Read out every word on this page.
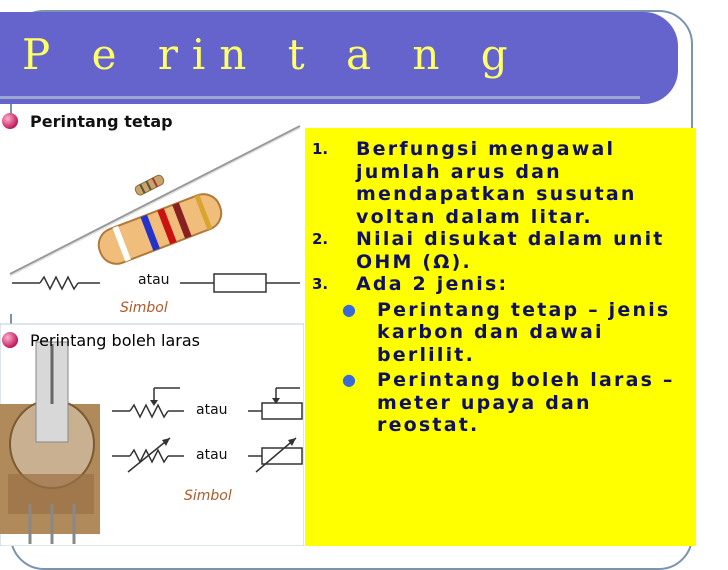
P e rin t a n g
Perintang tetap
atau
Simbol
Perintang boleh laras
atau
atau
Simbol
1.	Berfungsi mengawal jumlah arus dan mendapatkan susutan voltan dalam litar.
2.	Nilai disukat dalam unit OHM (Ω).
3.	Ada 2 jenis:
● Perintang tetap – jenis karbon dan dawai berlilit.
● Perintang boleh laras – meter upaya dan reostat.
